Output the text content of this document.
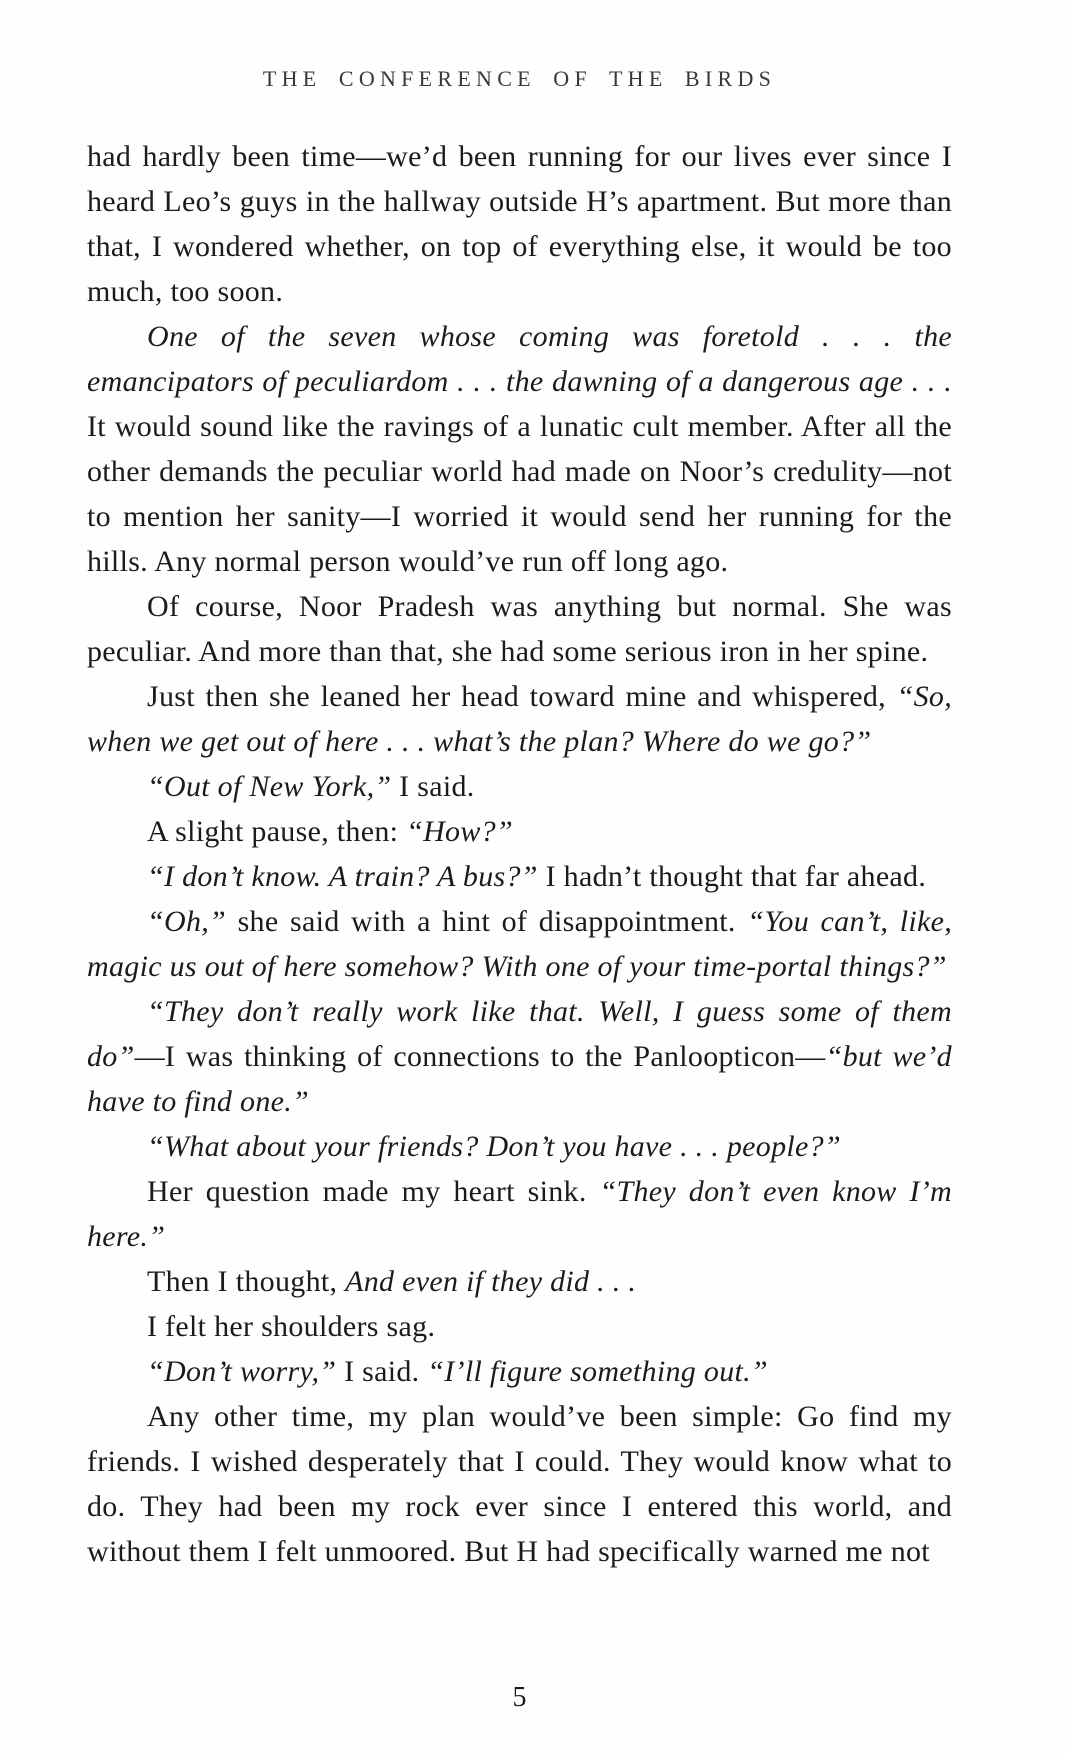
THE CONFERENCE OF THE BIRDS

had hardly been time—we’d been running for our lives ever since I heard Leo’s guys in the hallway outside H’s apartment. But more than that, I wondered whether, on top of everything else, it would be too much, too soon.

One of the seven whose coming was foretold . . . the emancipators of peculiardom . . . the dawning of a dangerous age . . . It would sound like the ravings of a lunatic cult member. After all the other demands the peculiar world had made on Noor’s credulity—not to mention her sanity—I worried it would send her running for the hills. Any normal person would’ve run off long ago.

Of course, Noor Pradesh was anything but normal. She was peculiar. And more than that, she had some serious iron in her spine.

Just then she leaned her head toward mine and whispered, “So, when we get out of here . . . what’s the plan? Where do we go?”

“Out of New York,” I said.

A slight pause, then: “How?”

“I don’t know. A train? A bus?” I hadn’t thought that far ahead.

“Oh,” she said with a hint of disappointment. “You can’t, like, magic us out of here somehow? With one of your time-portal things?”

“They don’t really work like that. Well, I guess some of them do”—I was thinking of connections to the Panloopticon—“but we’d have to find one.”

“What about your friends? Don’t you have . . . people?”

Her question made my heart sink. “They don’t even know I’m here.”

Then I thought, And even if they did . . .

I felt her shoulders sag.

“Don’t worry,” I said. “I’ll figure something out.”

Any other time, my plan would’ve been simple: Go find my friends. I wished desperately that I could. They would know what to do. They had been my rock ever since I entered this world, and without them I felt unmoored. But H had specifically warned me not

5
